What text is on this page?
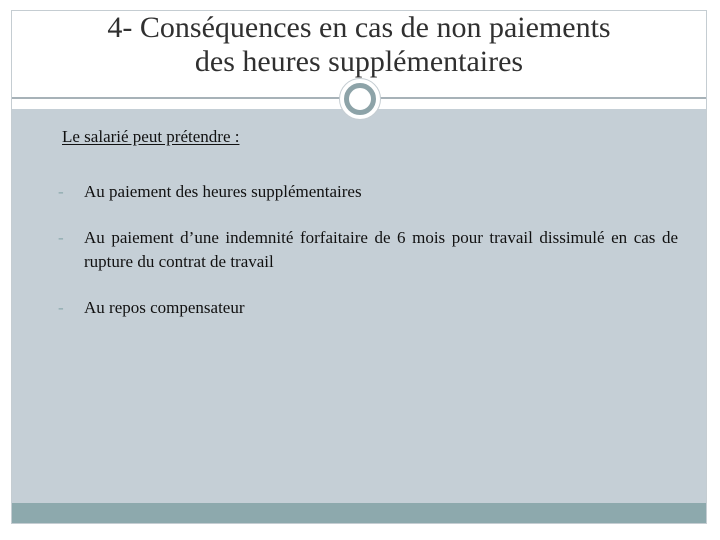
4- Conséquences en cas de non paiements
des heures supplémentaires
Le salarié peut prétendre :
- Au paiement des heures supplémentaires
- Au paiement d’une indemnité forfaitaire de 6 mois pour travail dissimulé en cas de rupture du contrat de travail
- Au repos compensateur
